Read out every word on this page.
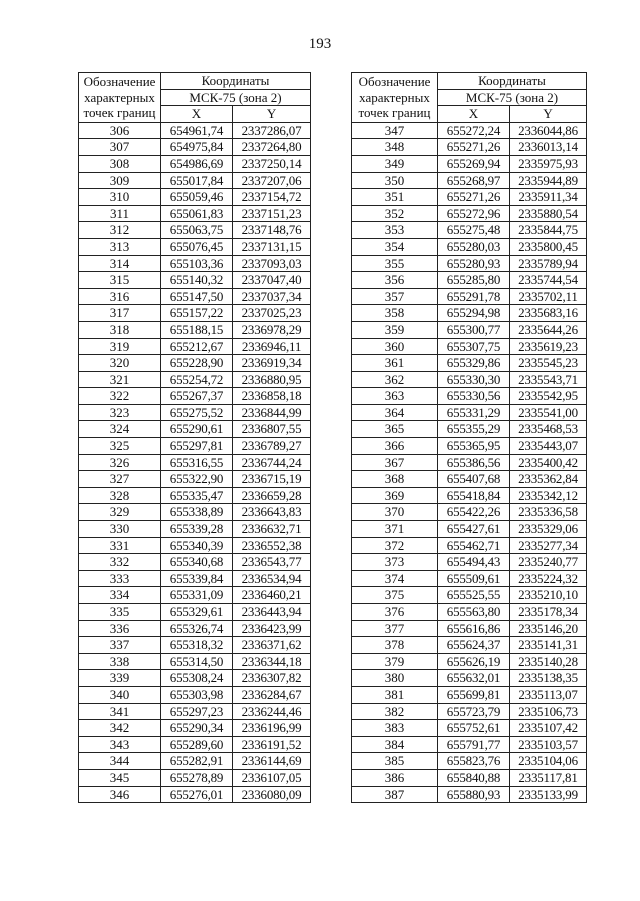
193
Обозначение
характерных
точек границ	Координаты	
	МСК-75 (зона 2)	
	X	Y
306	654961,74	2337286,07
307	654975,84	2337264,80
308	654986,69	2337250,14
309	655017,84	2337207,06
310	655059,46	2337154,72
311	655061,83	2337151,23
312	655063,75	2337148,76
313	655076,45	2337131,15
314	655103,36	2337093,03
315	655140,32	2337047,40
316	655147,50	2337037,34
317	655157,22	2337025,23
318	655188,15	2336978,29
319	655212,67	2336946,11
320	655228,90	2336919,34
321	655254,72	2336880,95
322	655267,37	2336858,18
323	655275,52	2336844,99
324	655290,61	2336807,55
325	655297,81	2336789,27
326	655316,55	2336744,24
327	655322,90	2336715,19
328	655335,47	2336659,28
329	655338,89	2336643,83
330	655339,28	2336632,71
331	655340,39	2336552,38
332	655340,68	2336543,77
333	655339,84	2336534,94
334	655331,09	2336460,21
335	655329,61	2336443,94
336	655326,74	2336423,99
337	655318,32	2336371,62
338	655314,50	2336344,18
339	655308,24	2336307,82
340	655303,98	2336284,67
341	655297,23	2336244,46
342	655290,34	2336196,99
343	655289,60	2336191,52
344	655282,91	2336144,69
345	655278,89	2336107,05
346	655276,01	2336080,09
Обозначение
характерных
точек границ	Координаты	
	МСК-75 (зона 2)	
	X	Y
347	655272,24	2336044,86
348	655271,26	2336013,14
349	655269,94	2335975,93
350	655268,97	2335944,89
351	655271,26	2335911,34
352	655272,96	2335880,54
353	655275,48	2335844,75
354	655280,03	2335800,45
355	655280,93	2335789,94
356	655285,80	2335744,54
357	655291,78	2335702,11
358	655294,98	2335683,16
359	655300,77	2335644,26
360	655307,75	2335619,23
361	655329,86	2335545,23
362	655330,30	2335543,71
363	655330,56	2335542,95
364	655331,29	2335541,00
365	655355,29	2335468,53
366	655365,95	2335443,07
367	655386,56	2335400,42
368	655407,68	2335362,84
369	655418,84	2335342,12
370	655422,26	2335336,58
371	655427,61	2335329,06
372	655462,71	2335277,34
373	655494,43	2335240,77
374	655509,61	2335224,32
375	655525,55	2335210,10
376	655563,80	2335178,34
377	655616,86	2335146,20
378	655624,37	2335141,31
379	655626,19	2335140,28
380	655632,01	2335138,35
381	655699,81	2335113,07
382	655723,79	2335106,73
383	655752,61	2335107,42
384	655791,77	2335103,57
385	655823,76	2335104,06
386	655840,88	2335117,81
387	655880,93	2335133,99
